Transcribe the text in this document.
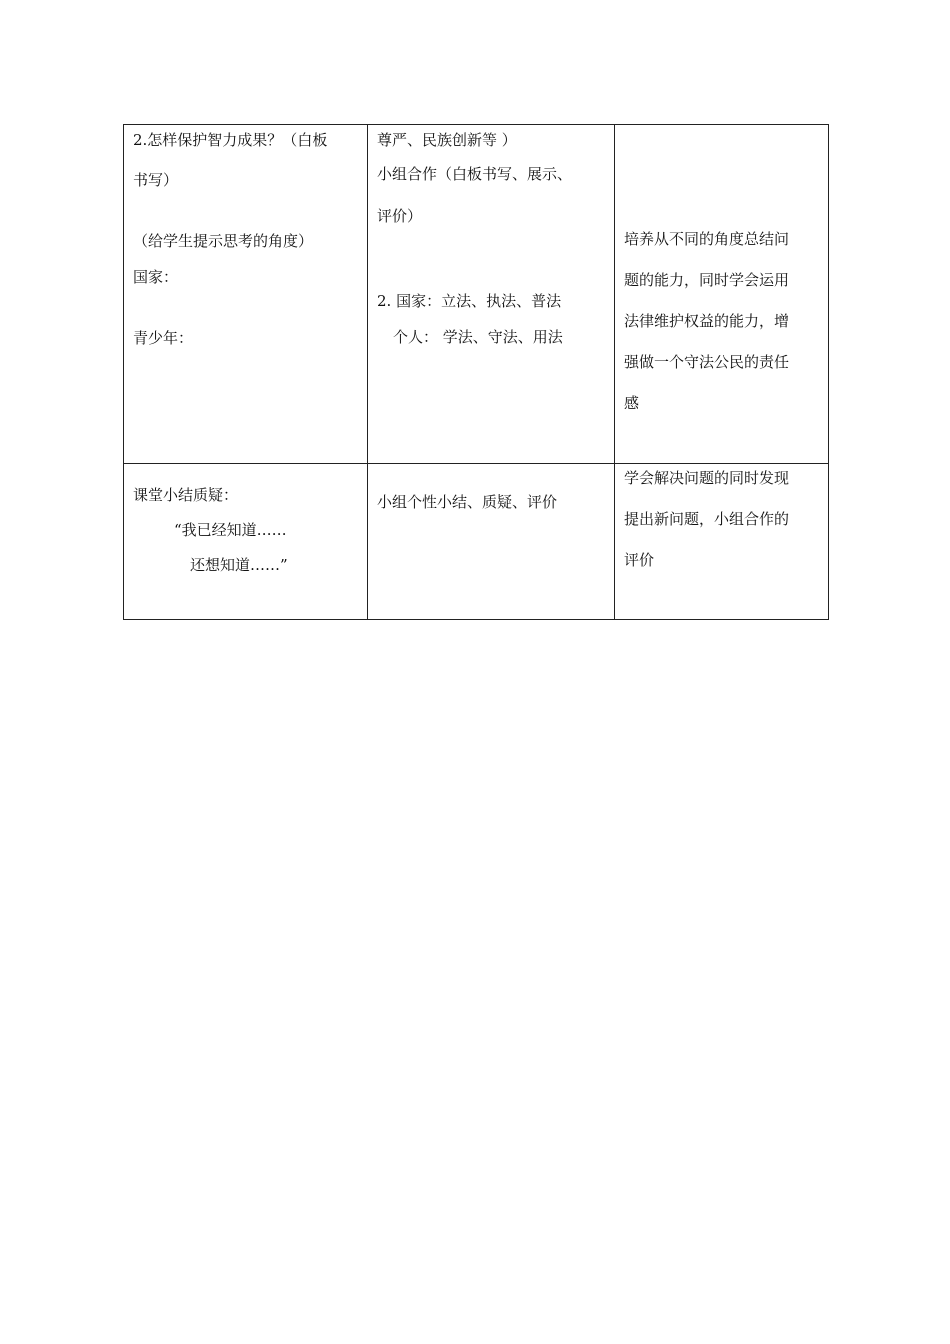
2.怎样保护智力成果？（白板
书写）
（给学生提示思考的角度）
国家：
青少年：	尊严、民族创新等 ）
小组合作（白板书写、展示、
评价）
2. 国家：立法、执法、普法
个人： 学法、守法、用法	培养从不同的角度总结问
题的能力，同时学会运用
法律维护权益的能力，增
强做一个守法公民的责任
感

课堂小结质疑：
“我已经知道……
还想知道……”	小组个性小结、质疑、评价	学会解决问题的同时发现
提出新问题，小组合作的
评价
